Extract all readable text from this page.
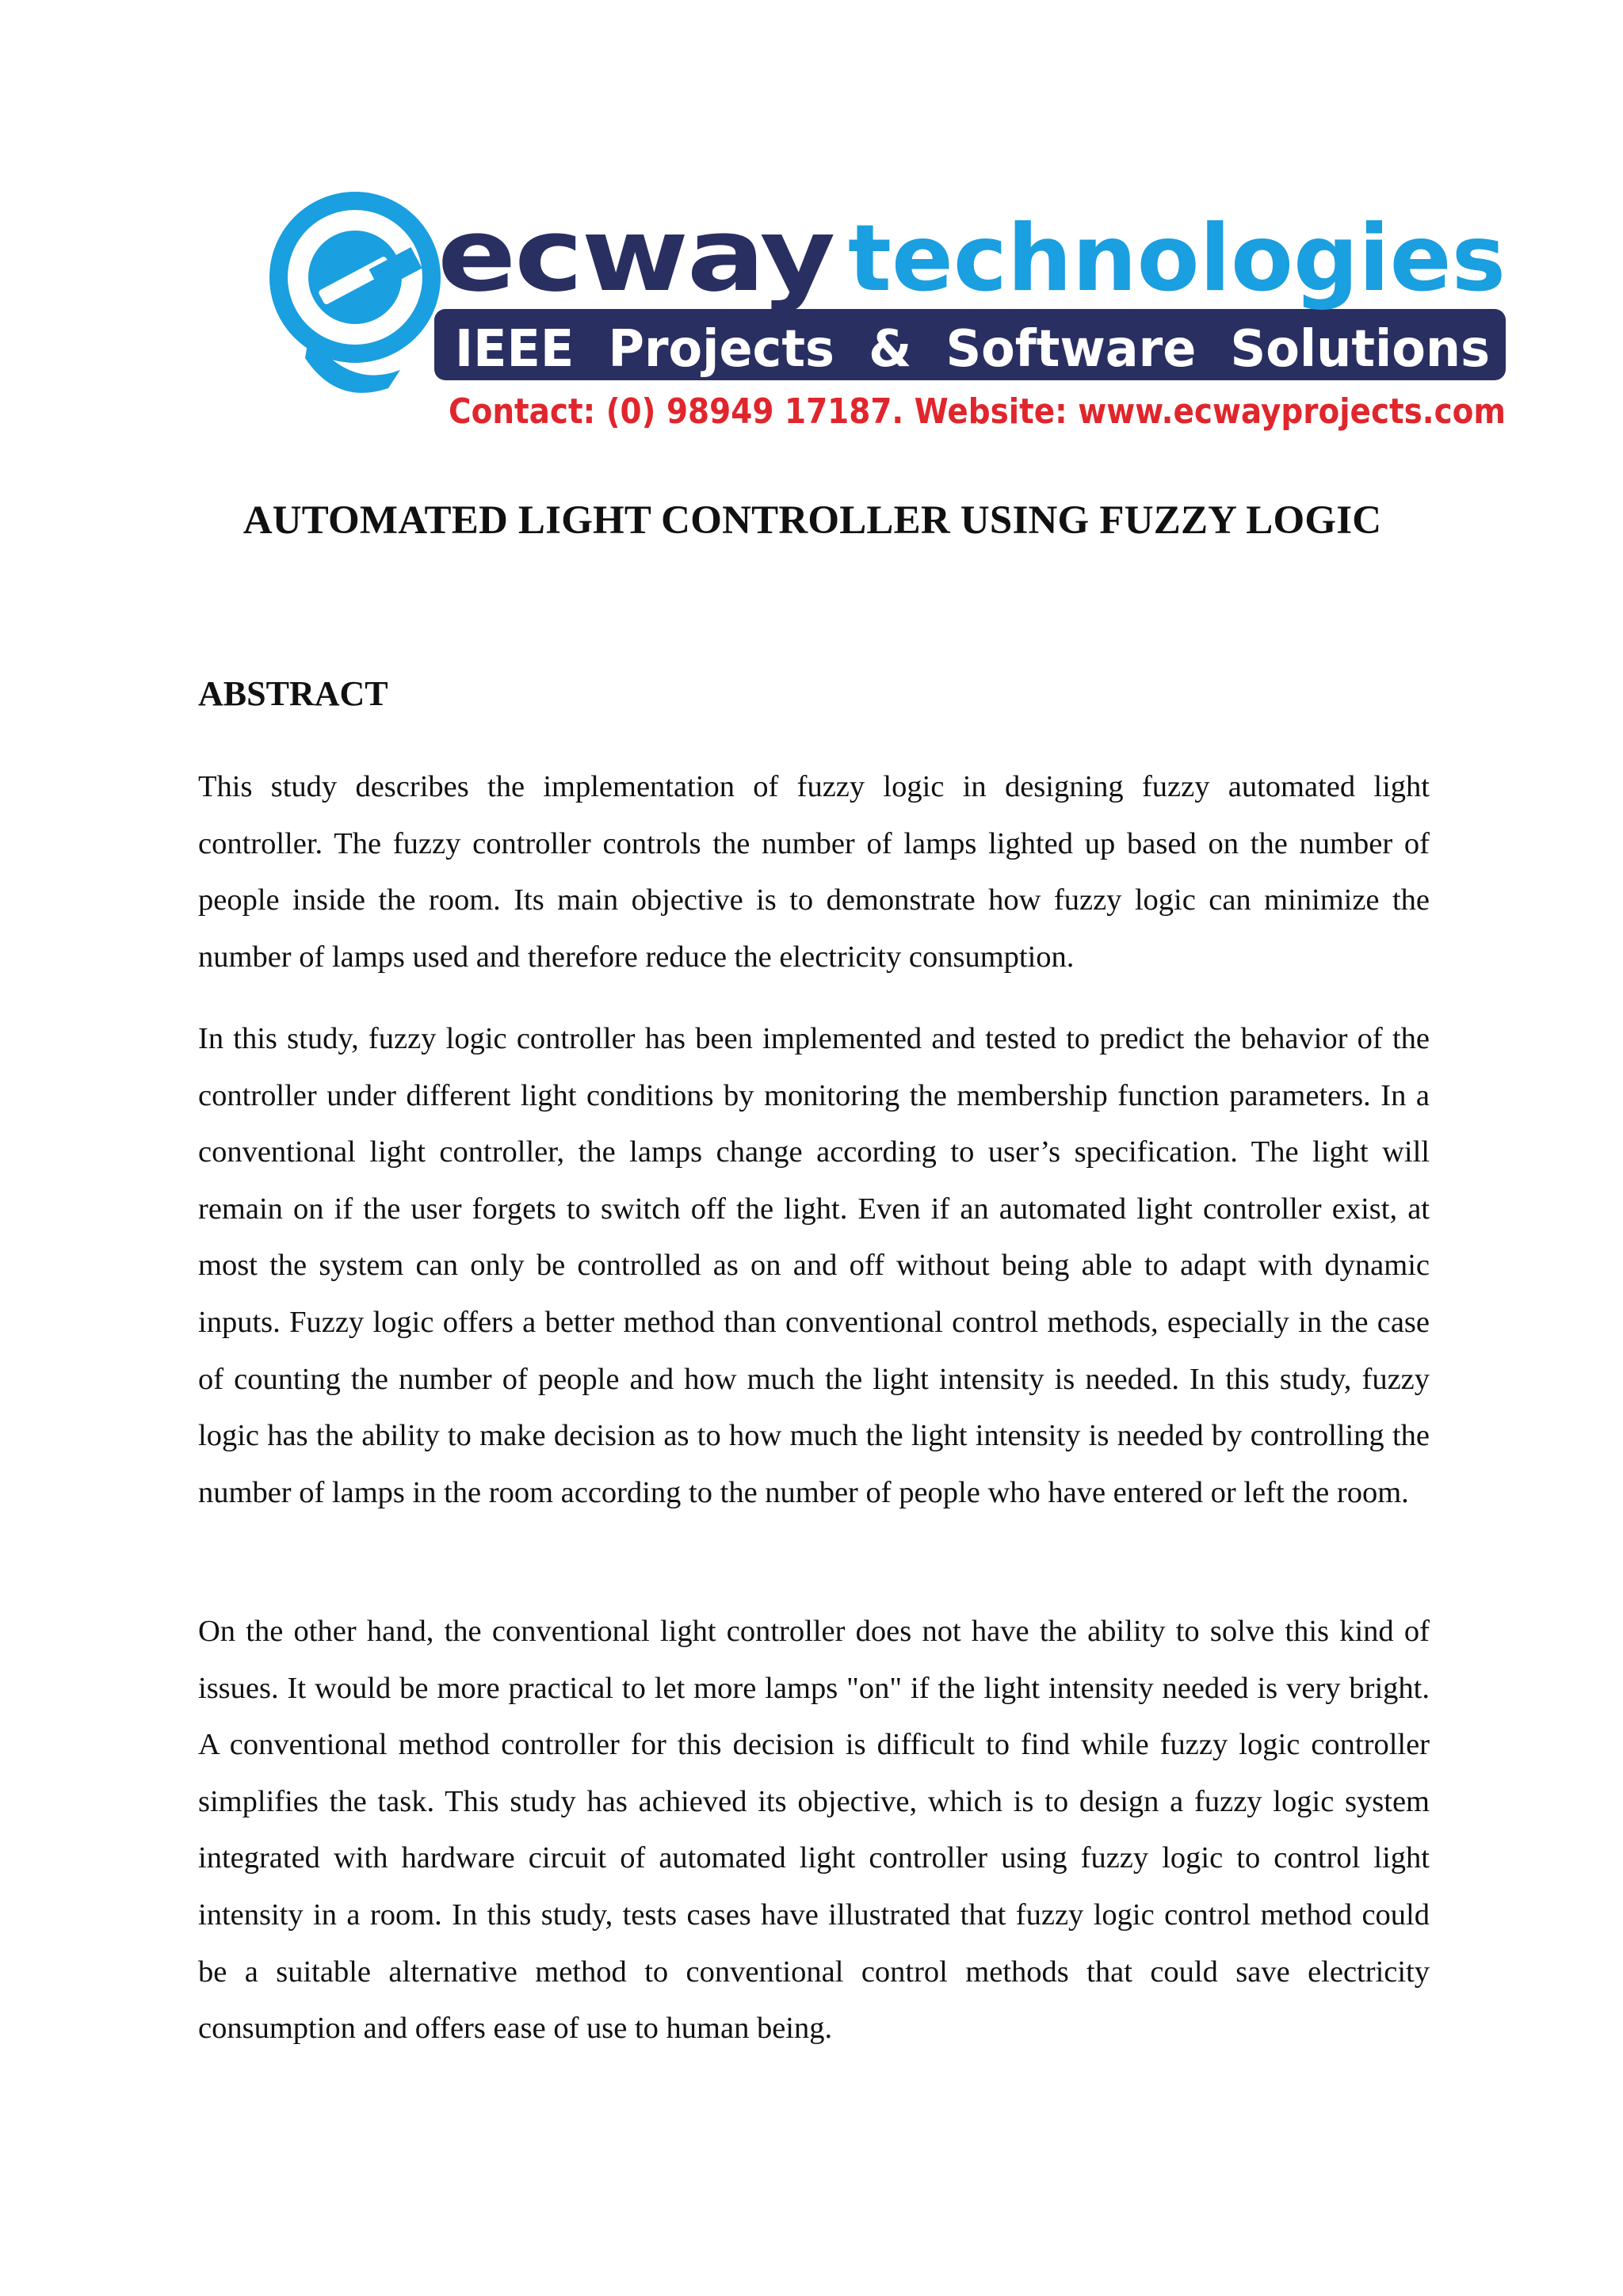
ecway technologies
IEEE  Projects  &  Software  Solutions
Contact: (0) 98949 17187. Website: www.ecwayprojects.com
AUTOMATED LIGHT CONTROLLER USING FUZZY LOGIC
ABSTRACT

This study describes the implementation of fuzzy logic in designing fuzzy automated light controller. The fuzzy controller controls the number of lamps lighted up based on the number of people inside the room. Its main objective is to demonstrate how fuzzy logic can minimize the number of lamps used and therefore reduce the electricity consumption.

In this study, fuzzy logic controller has been implemented and tested to predict the behavior of the controller under different light conditions by monitoring the membership function parameters. In a conventional light controller, the lamps change according to user’s specification. The light will remain on if the user forgets to switch off the light. Even if an automated light controller exist, at most the system can only be controlled as on and off without being able to adapt with dynamic inputs. Fuzzy logic offers a better method than conventional control methods, especially in the case of counting the number of people and how much the light intensity is needed. In this study, fuzzy logic has the ability to make decision as to how much the light intensity is needed by controlling the number of lamps in the room according to the number of people who have entered or left the room.

On the other hand, the conventional light controller does not have the ability to solve this kind of issues. It would be more practical to let more lamps "on" if the light intensity needed is very bright. A conventional method controller for this decision is difficult to find while fuzzy logic controller simplifies the task. This study has achieved its objective, which is to design a fuzzy logic system integrated with hardware circuit of automated light controller using fuzzy logic to control light intensity in a room. In this study, tests cases have illustrated that fuzzy logic control method could be a suitable alternative method to conventional control methods that could save electricity consumption and offers ease of use to human being.
